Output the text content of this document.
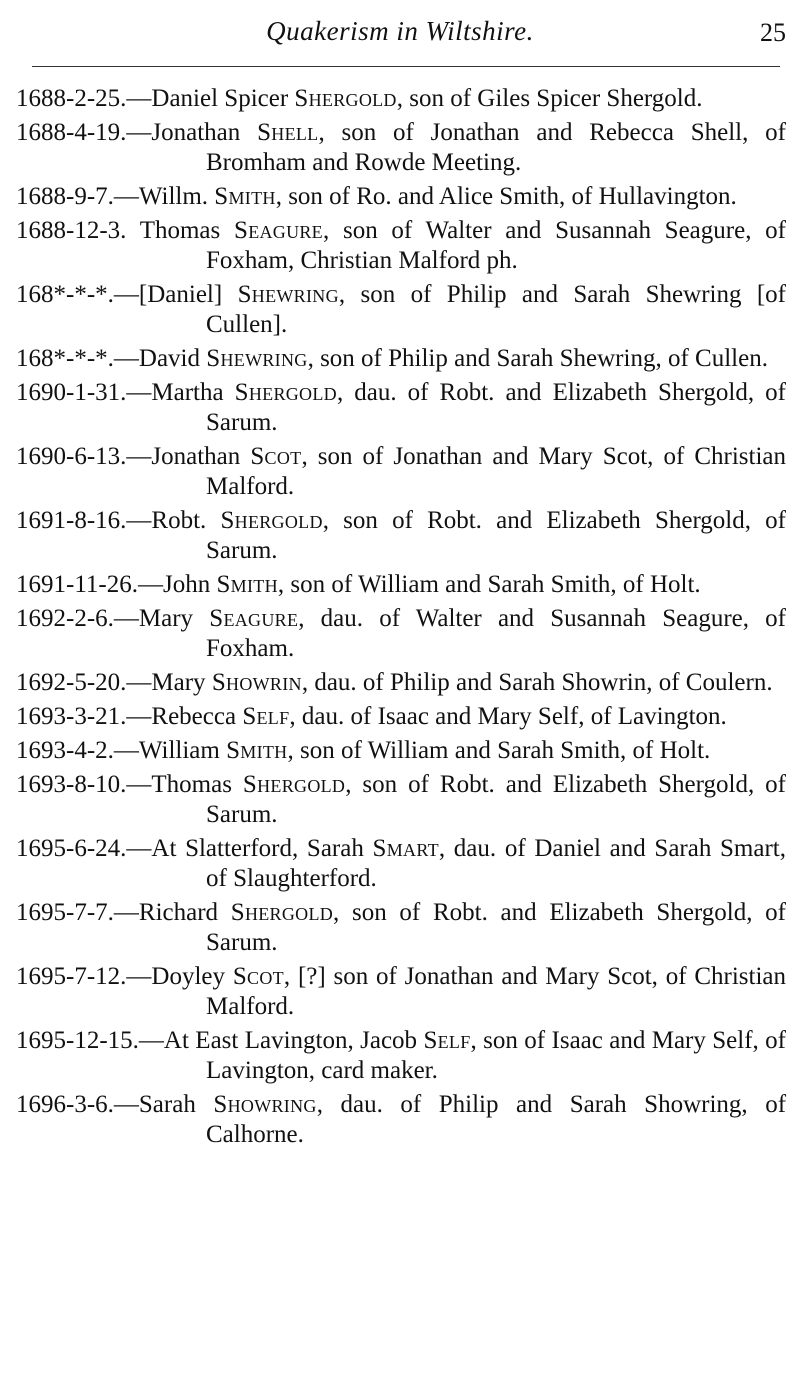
Quakerism in Wiltshire.	25

1688-2-25.—Daniel Spicer Shergold, son of Giles Spicer Shergold.

1688-4-19.—Jonathan Shell, son of Jonathan and Rebecca Shell, of Bromham and Rowde Meeting.

1688-9-7.—Willm. Smith, son of Ro. and Alice Smith, of Hullavington.

1688-12-3. Thomas Seagure, son of Walter and Susannah Seagure, of Foxham, Christian Malford ph.

168*-*-*.—[Daniel] Shewring, son of Philip and Sarah Shewring [of Cullen].

168*-*-*.—David Shewring, son of Philip and Sarah Shewring, of Cullen.

1690-1-31.—Martha Shergold, dau. of Robt. and Elizabeth Shergold, of Sarum.

1690-6-13.—Jonathan Scot, son of Jonathan and Mary Scot, of Christian Malford.

1691-8-16.—Robt. Shergold, son of Robt. and Elizabeth Shergold, of Sarum.

1691-11-26.—John Smith, son of William and Sarah Smith, of Holt.

1692-2-6.—Mary Seagure, dau. of Walter and Susannah Seagure, of Foxham.

1692-5-20.—Mary Showrin, dau. of Philip and Sarah Showrin, of Coulern.

1693-3-21.—Rebecca Self, dau. of Isaac and Mary Self, of Lavington.

1693-4-2.—William Smith, son of William and Sarah Smith, of Holt.

1693-8-10.—Thomas Shergold, son of Robt. and Elizabeth Shergold, of Sarum.

1695-6-24.—At Slatterford, Sarah Smart, dau. of Daniel and Sarah Smart, of Slaughterford.

1695-7-7.—Richard Shergold, son of Robt. and Elizabeth Shergold, of Sarum.

1695-7-12.—Doyley Scot, [?] son of Jonathan and Mary Scot, of Christian Malford.

1695-12-15.—At East Lavington, Jacob Self, son of Isaac and Mary Self, of Lavington, card maker.

1696-3-6.—Sarah Showring, dau. of Philip and Sarah Showring, of Calhorne.
